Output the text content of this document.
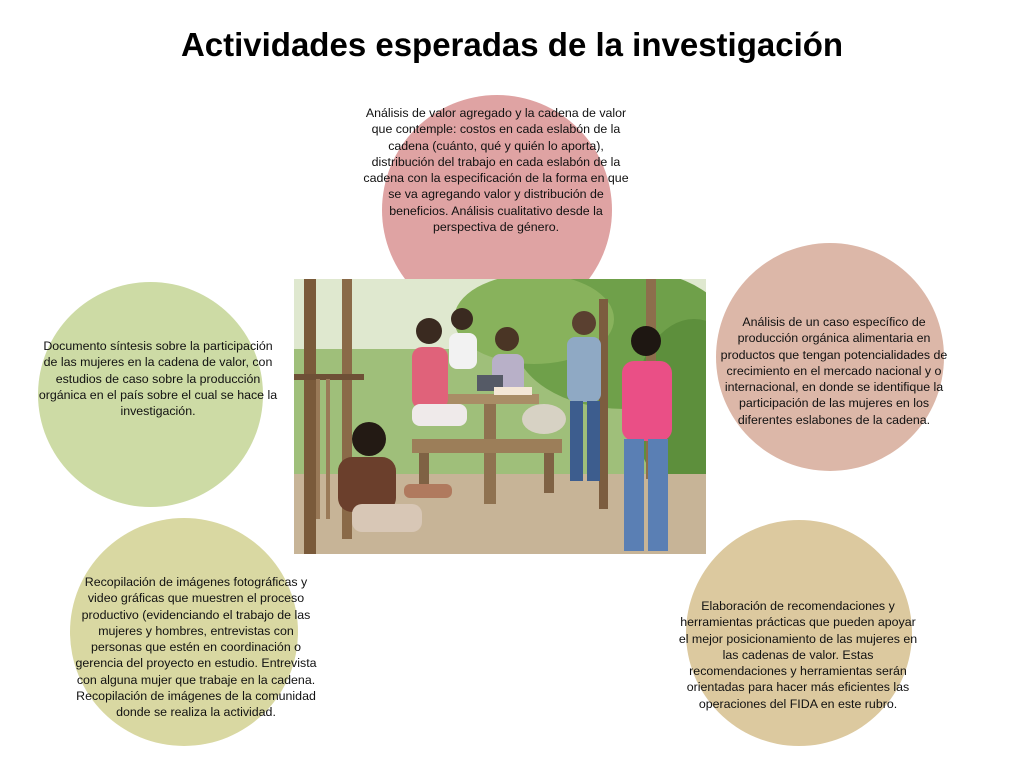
Actividades esperadas de la investigación
Análisis de valor agregado y la cadena de valor que contemple: costos en cada eslabón de la cadena (cuánto, qué y quién lo aporta), distribución del trabajo en cada eslabón de la cadena con la especificación de la forma en que se va agregando valor y distribución de beneficios. Análisis cualitativo desde la perspectiva de género.
Documento síntesis sobre la participación de las mujeres en la cadena de valor, con estudios de caso sobre la producción orgánica en el país sobre el cual se hace la investigación.
Análisis de un caso específico de producción orgánica alimentaria en productos que tengan potencialidades de crecimiento en el mercado nacional y o internacional, en donde se identifique la participación de las mujeres en los diferentes eslabones de la cadena.
Recopilación de imágenes fotográficas y video gráficas que muestren el proceso productivo (evidenciando el trabajo de las mujeres y hombres, entrevistas con personas que estén en coordinación o gerencia del proyecto en estudio. Entrevista con alguna mujer que trabaje en la cadena. Recopilación de imágenes de la comunidad donde se realiza la actividad.
Elaboración de recomendaciones y herramientas prácticas que pueden apoyar el mejor posicionamiento de las mujeres en las cadenas de valor. Estas recomendaciones y herramientas serán orientadas para hacer más eficientes las operaciones del FIDA en este rubro.
